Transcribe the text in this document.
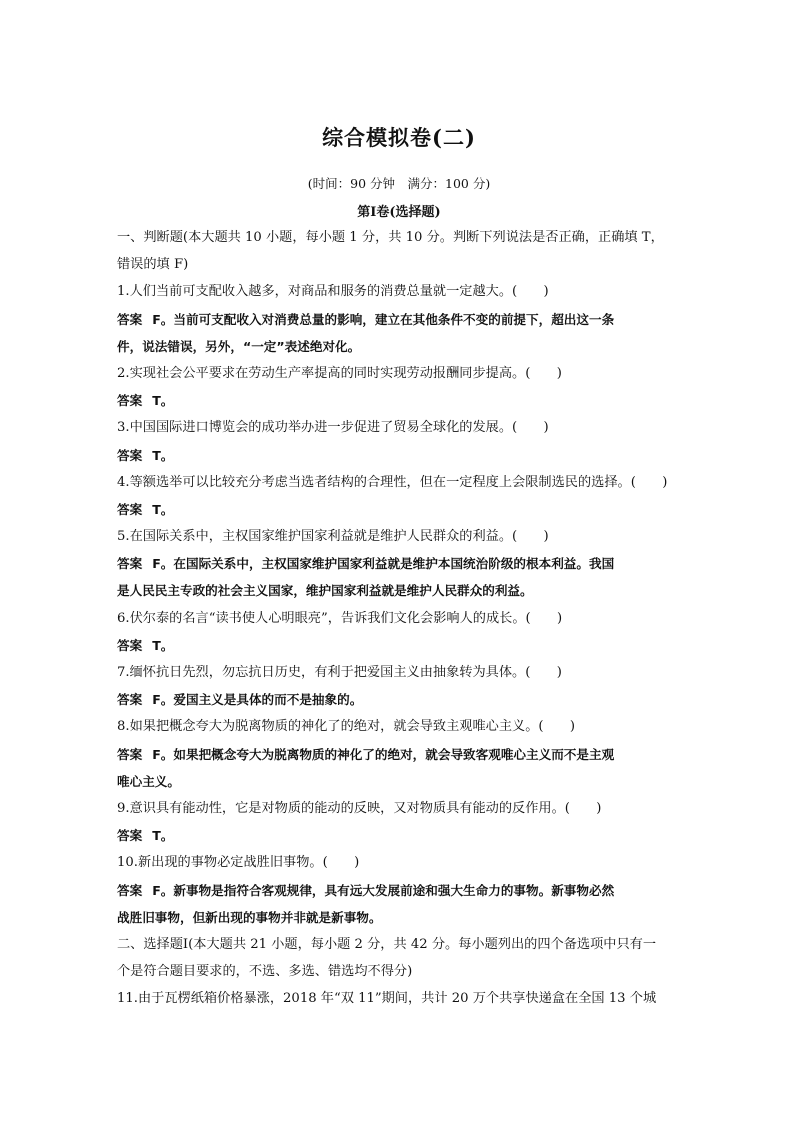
综合模拟卷(二)
(时间：90 分钟　满分：100 分)
第Ⅰ卷(选择题)
一、判断题(本大题共 10 小题，每小题 1 分，共 10 分。判断下列说法是否正确，正确填 T，
错误的填 F)
1.人们当前可支配收入越多，对商品和服务的消费总量就一定越大。(　　)
答案 F。当前可支配收入对消费总量的影响，建立在其他条件不变的前提下，超出这一条
件，说法错误，另外，“一定”表述绝对化。
2.实现社会公平要求在劳动生产率提高的同时实现劳动报酬同步提高。(　　)
答案 T。
3.中国国际进口博览会的成功举办进一步促进了贸易全球化的发展。(　　)
答案 T。
4.等额选举可以比较充分考虑当选者结构的合理性，但在一定程度上会限制选民的选择。(　　)
答案 T。
5.在国际关系中，主权国家维护国家利益就是维护人民群众的利益。(　　)
答案 F。在国际关系中，主权国家维护国家利益就是维护本国统治阶级的根本利益。我国
是人民民主专政的社会主义国家，维护国家利益就是维护人民群众的利益。
6.伏尔泰的名言“读书使人心明眼亮”，告诉我们文化会影响人的成长。(　　)
答案 T。
7.缅怀抗日先烈，勿忘抗日历史，有利于把爱国主义由抽象转为具体。(　　)
答案 F。爱国主义是具体的而不是抽象的。
8.如果把概念夸大为脱离物质的神化了的绝对，就会导致主观唯心主义。(　　)
答案 F。如果把概念夸大为脱离物质的神化了的绝对，就会导致客观唯心主义而不是主观
唯心主义。
9.意识具有能动性，它是对物质的能动的反映，又对物质具有能动的反作用。(　　)
答案 T。
10.新出现的事物必定战胜旧事物。(　　)
答案 F。新事物是指符合客观规律，具有远大发展前途和强大生命力的事物。新事物必然
战胜旧事物，但新出现的事物并非就是新事物。
二、选择题Ⅰ(本大题共 21 小题，每小题 2 分，共 42 分。每小题列出的四个备选项中只有一
个是符合题目要求的，不选、多选、错选均不得分)
11.由于瓦楞纸箱价格暴涨，2018 年“双 11”期间，共计 20 万个共享快递盒在全国 13 个城
